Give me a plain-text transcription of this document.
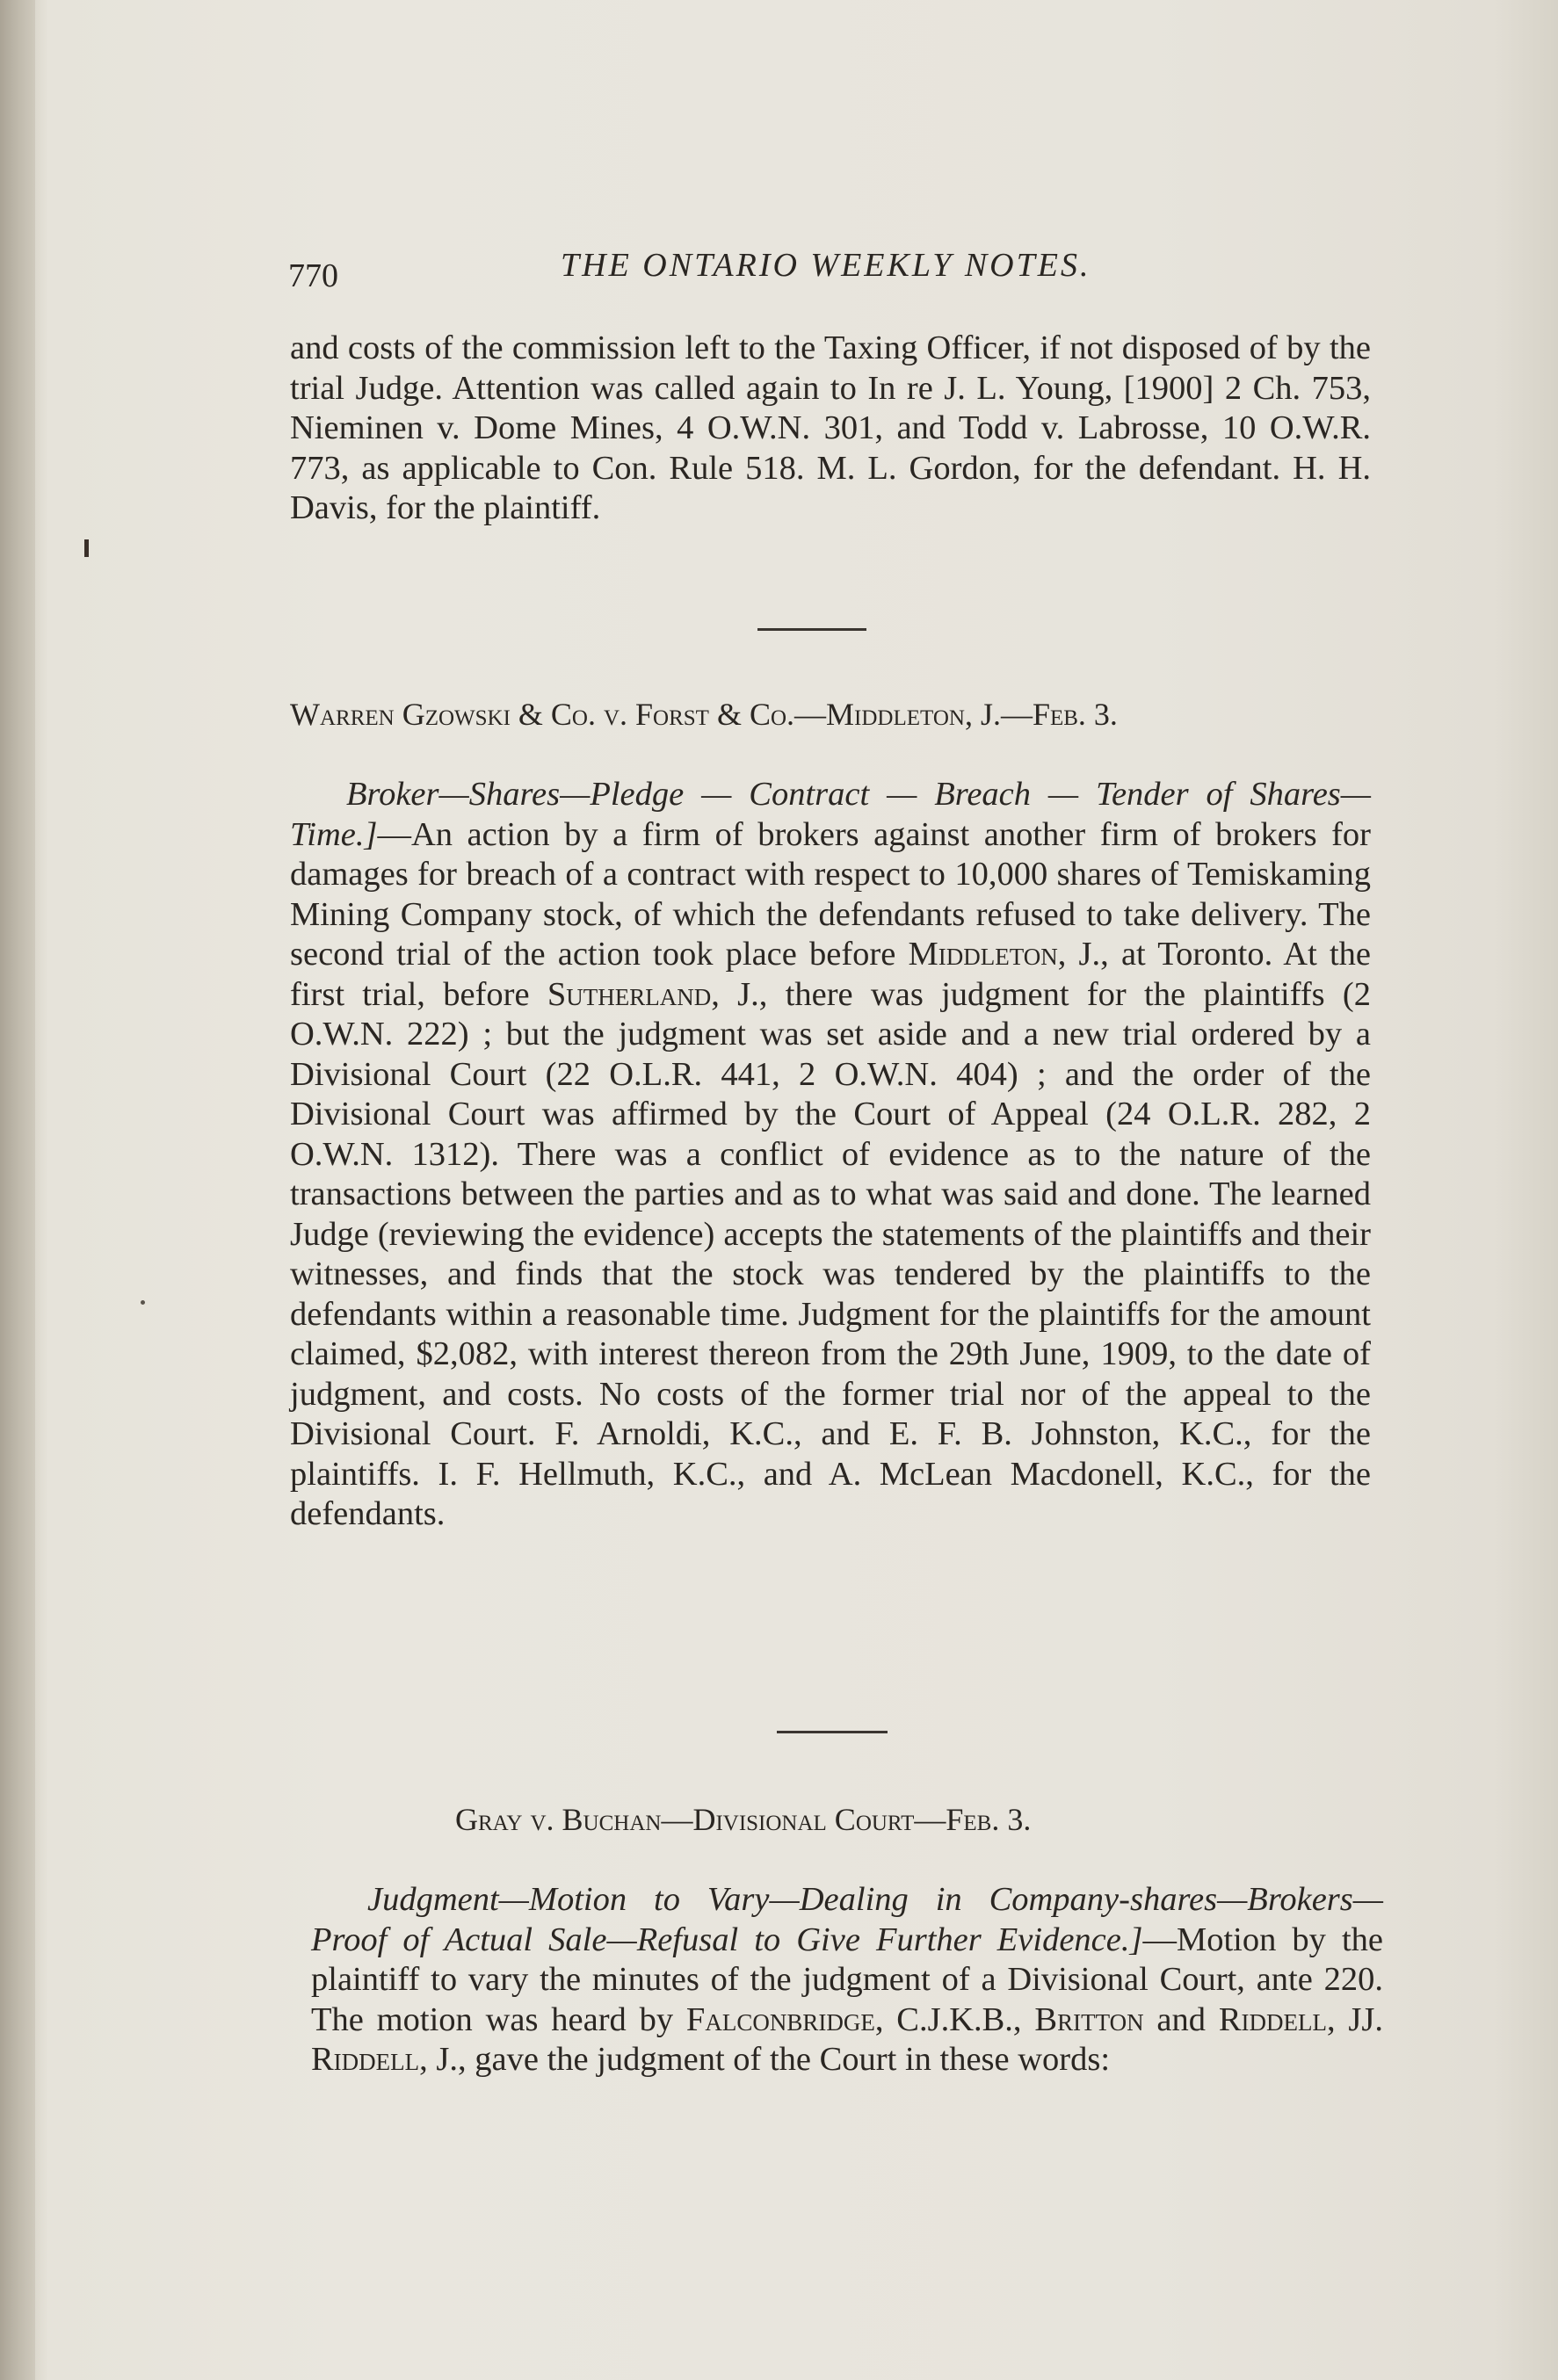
770	THE ONTARIO WEEKLY NOTES.
and costs of the commission left to the Taxing Officer, if not disposed of by the trial Judge. Attention was called again to In re J. L. Young, [1900] 2 Ch. 753, Nieminen v. Dome Mines, 4 O.W.N. 301, and Todd v. Labrosse, 10 O.W.R. 773, as applicable to Con. Rule 518. M. L. Gordon, for the defendant. H. H. Davis, for the plaintiff.
Warren Gzowski & Co. v. Forst & Co.—Middleton, J.—Feb. 3.
Broker—Shares—Pledge — Contract — Breach — Tender of Shares—Time.]—An action by a firm of brokers against another firm of brokers for damages for breach of a contract with respect to 10,000 shares of Temiskaming Mining Company stock, of which the defendants refused to take delivery. The second trial of the action took place before Middleton, J., at Toronto. At the first trial, before Sutherland, J., there was judgment for the plaintiffs (2 O.W.N. 222) ; but the judgment was set aside and a new trial ordered by a Divisional Court (22 O.L.R. 441, 2 O.W.N. 404) ; and the order of the Divisional Court was affirmed by the Court of Appeal (24 O.L.R. 282, 2 O.W.N. 1312). There was a conflict of evidence as to the nature of the transactions between the parties and as to what was said and done. The learned Judge (reviewing the evidence) accepts the statements of the plaintiffs and their witnesses, and finds that the stock was tendered by the plaintiffs to the defendants within a reasonable time. Judgment for the plaintiffs for the amount claimed, $2,082, with interest thereon from the 29th June, 1909, to the date of judgment, and costs. No costs of the former trial nor of the appeal to the Divisional Court. F. Arnoldi, K.C., and E. F. B. Johnston, K.C., for the plaintiffs. I. F. Hellmuth, K.C., and A. McLean Macdonell, K.C., for the defendants.
Gray v. Buchan—Divisional Court—Feb. 3.
Judgment—Motion to Vary—Dealing in Company-shares—Brokers—Proof of Actual Sale—Refusal to Give Further Evidence.]—Motion by the plaintiff to vary the minutes of the judgment of a Divisional Court, ante 220. The motion was heard by Falconbridge, C.J.K.B., Britton and Riddell, JJ. Riddell, J., gave the judgment of the Court in these words:
